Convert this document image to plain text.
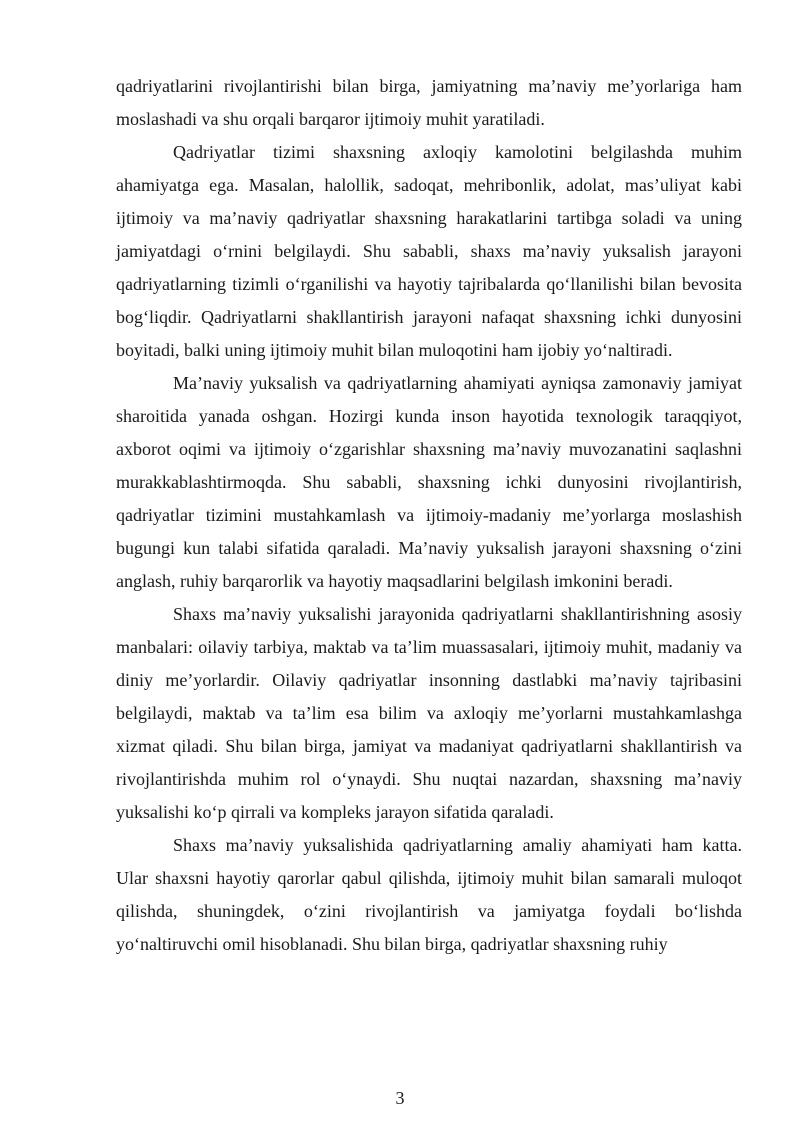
qadriyatlarini rivojlantirishi bilan birga, jamiyatning ma’naviy me’yorlariga ham moslashadi va shu orqali barqaror ijtimoiy muhit yaratiladi.

Qadriyatlar tizimi shaxsning axloqiy kamolotini belgilashda muhim ahamiyatga ega. Masalan, halollik, sadoqat, mehribonlik, adolat, mas’uliyat kabi ijtimoiy va ma’naviy qadriyatlar shaxsning harakatlarini tartibga soladi va uning jamiyatdagi o‘rnini belgilaydi. Shu sababli, shaxs ma’naviy yuksalish jarayoni qadriyatlarning tizimli o‘rganilishi va hayotiy tajribalarda qo‘llanilishi bilan bevosita bog‘liqdir. Qadriyatlarni shakllantirish jarayoni nafaqat shaxsning ichki dunyosini boyitadi, balki uning ijtimoiy muhit bilan muloqotini ham ijobiy yo‘naltiradi.

Ma’naviy yuksalish va qadriyatlarning ahamiyati ayniqsa zamonaviy jamiyat sharoitida yanada oshgan. Hozirgi kunda inson hayotida texnologik taraqqiyot, axborot oqimi va ijtimoiy o‘zgarishlar shaxsning ma’naviy muvozanatini saqlashni murakkablashtirmoqda. Shu sababli, shaxsning ichki dunyosini rivojlantirish, qadriyatlar tizimini mustahkamlash va ijtimoiy-madaniy me’yorlarga moslashish bugungi kun talabi sifatida qaraladi. Ma’naviy yuksalish jarayoni shaxsning o‘zini anglash, ruhiy barqarorlik va hayotiy maqsadlarini belgilash imkonini beradi.

Shaxs ma’naviy yuksalishi jarayonida qadriyatlarni shakllantirishning asosiy manbalari: oilaviy tarbiya, maktab va ta’lim muassasalari, ijtimoiy muhit, madaniy va diniy me’yorlardir. Oilaviy qadriyatlar insonning dastlabki ma’naviy tajribasini belgilaydi, maktab va ta’lim esa bilim va axloqiy me’yorlarni mustahkamlashga xizmat qiladi. Shu bilan birga, jamiyat va madaniyat qadriyatlarni shakllantirish va rivojlantirishda muhim rol o‘ynaydi. Shu nuqtai nazardan, shaxsning ma’naviy yuksalishi ko‘p qirrali va kompleks jarayon sifatida qaraladi.

Shaxs ma’naviy yuksalishida qadriyatlarning amaliy ahamiyati ham katta. Ular shaxsni hayotiy qarorlar qabul qilishda, ijtimoiy muhit bilan samarali muloqot qilishda, shuningdek, o‘zini rivojlantirish va jamiyatga foydali bo‘lishda yo‘naltiruvchi omil hisoblanadi. Shu bilan birga, qadriyatlar shaxsning ruhiy

3
